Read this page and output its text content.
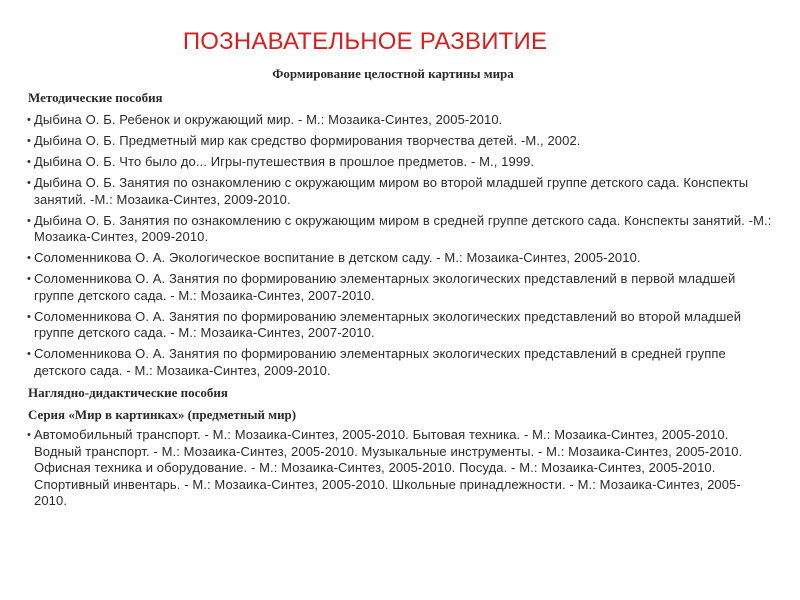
ПОЗНАВАТЕЛЬНОЕ РАЗВИТИЕ
Формирование целостной картины мира
Методические пособия
• Дыбина О. Б. Ребенок и окружающий мир. - М.: Мозаика-Синтез, 2005-2010.
• Дыбина О. Б. Предметный мир как средство формирования творчества детей. -М., 2002.
• Дыбина О. Б. Что было до... Игры-путешествия в прошлое предметов. - М., 1999.
• Дыбина О. Б. Занятия по ознакомлению с окружающим миром во второй младшей группе детского сада. Конспекты занятий. -М.: Мозаика-Синтез, 2009-2010.
• Дыбина О. Б. Занятия по ознакомлению с окружающим миром в средней группе детского сада. Конспекты занятий. -М.: Мозаика-Синтез, 2009-2010.
• Соломенникова О. А. Экологическое воспитание в детском саду. - М.: Мозаика-Синтез, 2005-2010.
• Соломенникова О. А. Занятия по формированию элементарных экологических представлений в первой младшей группе детского сада. - М.: Мозаика-Синтез, 2007-2010.
• Соломенникова О. А. Занятия по формированию элементарных экологических представлений во второй младшей группе детского сада. - М.: Мозаика-Синтез, 2007-2010.
• Соломенникова О. А. Занятия по формированию элементарных экологических представлений в средней группе детского сада. - М.: Мозаика-Синтез, 2009-2010.
Наглядно-дидактические пособия
Серия «Мир в картинках» (предметный мир)
• Автомобильный транспорт. - М.: Мозаика-Синтез, 2005-2010. Бытовая техника. - М.: Мозаика-Синтез, 2005-2010. Водный транспорт. - М.: Мозаика-Синтез, 2005-2010. Музыкальные инструменты. - М.: Мозаика-Синтез, 2005-2010. Офисная техника и оборудование. - М.: Мозаика-Синтез, 2005-2010. Посуда. - М.: Мозаика-Синтез, 2005-2010. Спортивный инвентарь. - М.: Мозаика-Синтез, 2005-2010. Школьные принадлежности. - М.: Мозаика-Синтез, 2005-2010.
